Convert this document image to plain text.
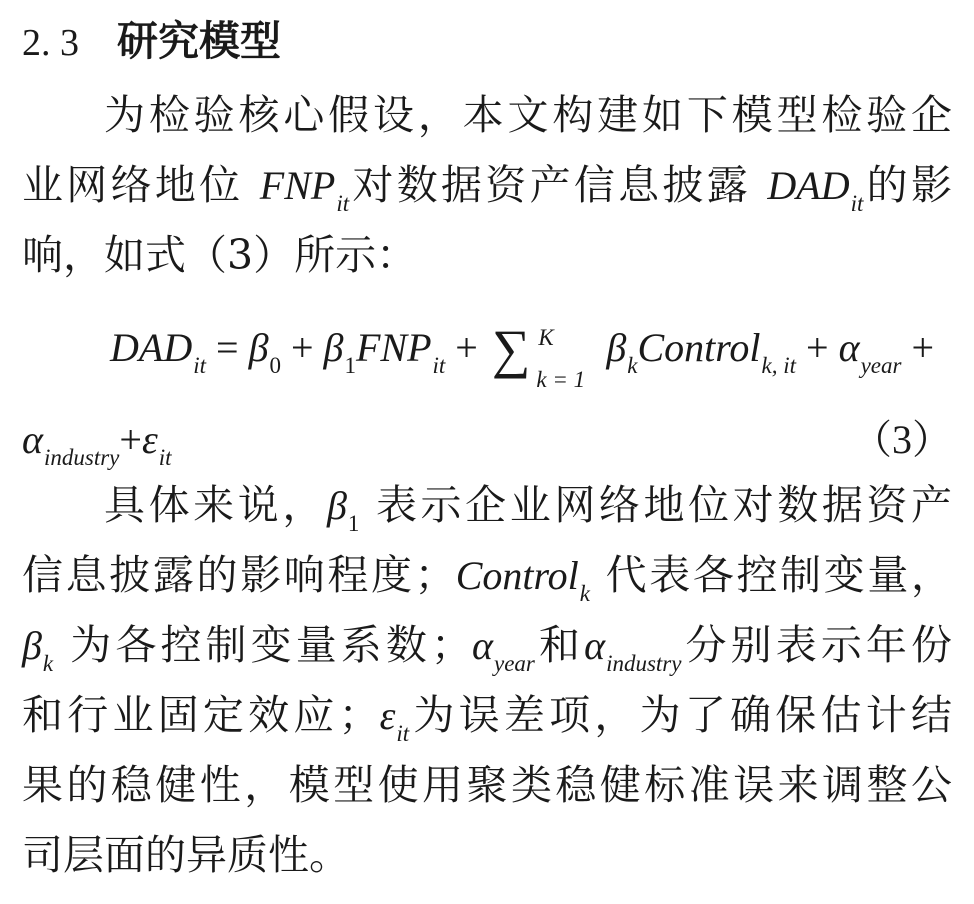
2. 3 研究模型
为检验核心假设，本文构建如下模型检验企
业网络地位 $FNP_{it}$对数据资产信息披露 $DAD_{it}$的影
响，如式（3）所示：
$DAD_{it} = \beta_0 + \beta_1FNP_{it}$ + ∑ K
k = 1
$\beta_kControl_{k, it} + \alpha_{year}$ +
$\alpha_{industry}+\varepsilon_{it}$	（3）
具体来说，$\beta_1$ 表示企业网络地位对数据资产
信息披露的影响程度；Control$_k$ 代表各控制变量，
$\beta_k$ 为各控制变量系数；$\alpha_{year}$和$\alpha_{industry}$分别表示年份
和行业固定效应；$\varepsilon_{it}$为误差项，为了确保估计结
果的稳健性，模型使用聚类稳健标准误来调整公
司层面的异质性。
